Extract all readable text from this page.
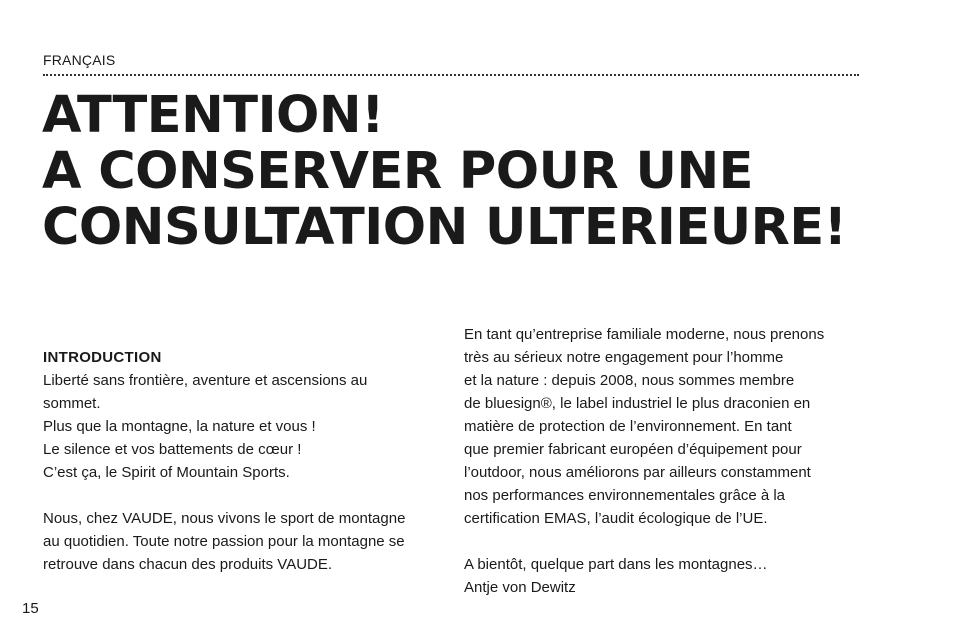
FRANÇAIS
ATTENTION!
A CONSERVER POUR UNE
CONSULTATION ULTERIEURE!

INTRODUCTION

Liberté sans frontière, aventure et ascensions au

sommet.

Plus que la montagne, la nature et vous !

Le silence et vos battements de cœur !

C’est ça, le Spirit of Mountain Sports.

Nous, chez VAUDE, nous vivons le sport de montagne

au quotidien. Toute notre passion pour la montagne se

retrouve dans chacun des produits VAUDE.

En tant qu’entreprise familiale moderne, nous prenons

très au sérieux notre engagement pour l’homme

et la nature : depuis 2008, nous sommes membre

de bluesign®, le label industriel le plus draconien en

matière de protection de l’environnement. En tant

que premier fabricant européen d’équipement pour

l’outdoor, nous améliorons par ailleurs constamment

nos performances environnementales grâce à la

certification EMAS, l’audit écologique de l’UE.

A bientôt, quelque part dans les montagnes…

Antje von Dewitz

15
